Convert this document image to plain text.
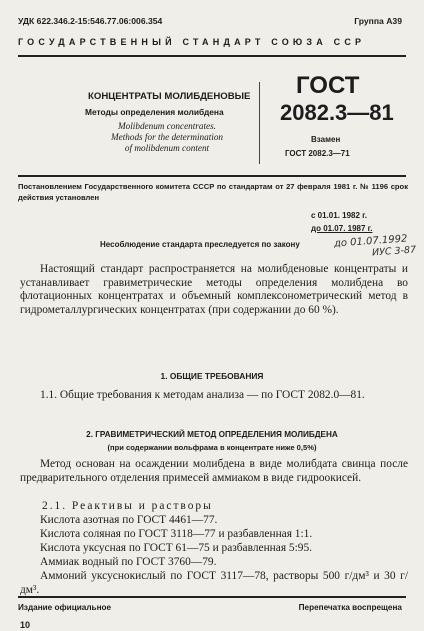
УДК 622.346.2-15:546.77.06:006.354	Группа А39
ГОСУДАРСТВЕННЫЙ СТАНДАРТ СОЮЗА ССР
КОНЦЕНТРАТЫ МОЛИБДЕНОВЫЕ
Методы определения молибдена
Molibdenum concentrates.
Methods for the determination
of molibdenum content
ГОСТ
2082.3—81
Взамен
ГОСТ 2082.3—71
Постановлением Государственного комитета СССР по стандартам от 27 февраля 1981 г. № 1196 срок действия установлен
с 01.01. 1982 г.
до 01.07. 1987 г.
Несоблюдение стандарта преследуется по закону	до 01.07.1992
ИУС 3-87
Настоящий стандарт распространяется на молибденовые концентраты и устанавливает гравиметрические методы определения молибдена во флотационных концентратах и объемный комплексонометрический метод в гидрометаллургических концентратах (при содержании до 60 %).
1. ОБЩИЕ ТРЕБОВАНИЯ
1.1. Общие требования к методам анализа — по ГОСТ 2082.0—81.
2. ГРАВИМЕТРИЧЕСКИЙ МЕТОД ОПРЕДЕЛЕНИЯ МОЛИБДЕНА
(при содержании вольфрама в концентрате ниже 0,5%)
Метод основан на осаждении молибдена в виде молибдата свинца после предварительного отделения примесей аммиаком в виде гидроокисей.
2.1. Реактивы и растворы
Кислота азотная по ГОСТ 4461—77.
Кислота соляная по ГОСТ 3118—77 и разбавленная 1:1.
Кислота уксусная по ГОСТ 61—75 и разбавленная 5:95.
Аммиак водный по ГОСТ 3760—79.
Аммоний уксуснокислый по ГОСТ 3117—78, растворы 500 г/дм³ и 30 г/дм³.
Издание официальное	Перепечатка воспрещена
10
